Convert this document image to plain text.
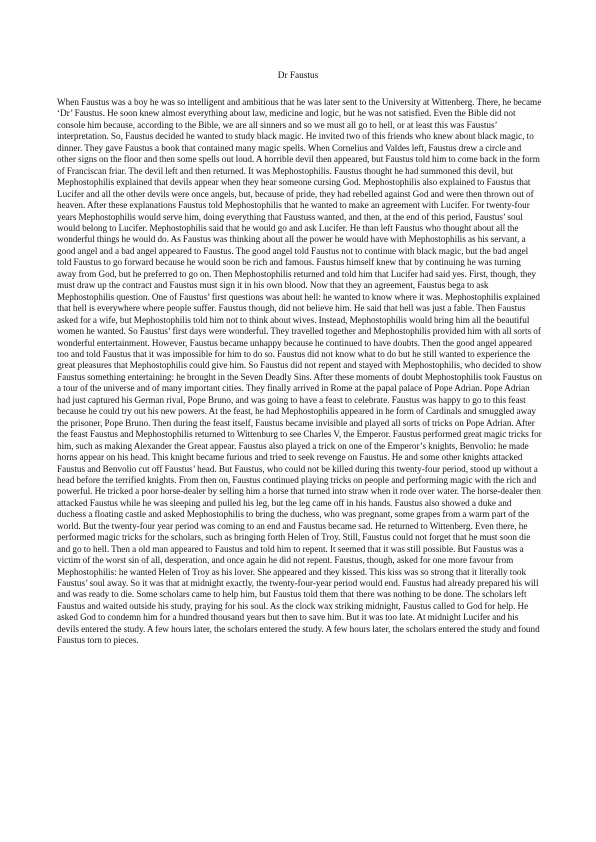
Dr Faustus

When Faustus was a boy he was so intelligent and ambitious that he was later sent to the University at Wittenberg. There, he became ‘Dr’ Faustus. He soon knew almost everything about law, medicine and logic, but he was not satisfied. Even the Bible did not console him because, according to the Bible, we are all sinners and so we must all go to hell, or at least this was Faustus’ interpretation. So, Faustus decided he wanted to study black magic. He invited two of this friends who knew about black magic, to dinner. They gave Faustus a book that contained many magic spells. When Cornelius and Valdes left, Faustus drew a circle and other signs on the floor and then some spells out loud. A horrible devil then appeared, but Faustus told him to come back in the form of Franciscan friar. The devil left and then returned. It was Mephostophilis. Faustus thought he had summoned this devil, but Mephostophilis explained that devils appear when they hear someone cursing God. Mephostophilis also explained to Faustus that Lucifer and all the other devils were once angels, but, because of pride, they had rebelled against God and were then thrown out of heaven. After these explanations Faustus told Mephostophilis that he wanted to make an agreement with Lucifer. For twenty-four years Mephostophilis would serve him, doing everything that Faustuss wanted, and then, at the end of this period, Faustus’ soul would belong to Lucifer. Mephostophilis said that he would go and ask Lucifer. He than left Faustus who thought about all the wonderful things he would do. As Faustus was thinking about all the power he would have with Mephostophilis as his servant, a good angel and a bad angel appeared to Faustus. The good angel told Faustus not to continue with black magic, but the bad angel told Faustus to go forward because he would soon be rich and famous. Faustus himself knew that by continuing he was turning away from God, but he preferred to go on. Then Mephostophilis returned and told him that Lucifer had said yes. First, though, they must draw up the contract and Faustus must sign it in his own blood. Now that they an agreement, Faustus bega to ask Mephostophilis question. One of Faustus’ first questions was about hell: he wanted to know where it was. Mephostophilis explained that hell is everywhere where people suffer. Faustus though, did not believe him. He said that hell was just a fable. Then Faustus asked for a wife, but Mephostophilis told him not to think about wives. Instead, Mephostophilis would bring him all the beautiful women he wanted. So Faustus’ first days were wonderful. They travelled together and Mephostophilis provided him with all sorts of wonderful entertainment. However, Faustus became unhappy because he continued to have doubts. Then the good angel appeared too and told Faustus that it was impossible for him to do so. Faustus did not know what to do but he still wanted to experience the great pleasures that Mephostophilis could give him. So Faustus did not repent and stayed with Mephostophilis, who decided to show Faustus something entertaining: he brought in the Seven Deadly Sins. After these moments of doubt Mephostophilis took Faustus on a tour of the universe and of many important cities. They finally arrived in Rome at the papal palace of Pope Adrian. Pope Adrian had just captured his German rival, Pope Bruno, and was going to have a feast to celebrate. Faustus was happy to go to this feast because he could try out his new powers. At the feast, he had Mephostophilis appeared in he form of Cardinals and smuggled away the prisoner, Pope Bruno. Then during the feast itself, Faustus became invisible and played all sorts of tricks on Pope Adrian. After the feast Faustus and Mephostophilis returned to Wittenburg to see Charles V, the Emperor. Faustus performed great magic tricks for him, such as making Alexander the Great appear. Faustus also played a trick on one of the Emperor’s knights, Benvolio: he made horns appear on his head. This knight became furious and tried to seek revenge on Faustus. He and some other knights attacked Faustus and Benvolio cut off Faustus’ head. But Faustus, who could not be killed during this twenty-four period, stood up without a head before the terrified knights. From then on, Faustus continued playing tricks on people and performing magic with the rich and powerful. He tricked a poor horse-dealer by selling him a horse that turned into straw when it rode over water. The horse-dealer then attacked Faustus while he was sleeping and pulled his leg, but the leg came off in his hands. Faustus also showed a duke and duchess a floating castle and asked Mephostophilis to bring the duchess, who was pregnant, some grapes from a warm part of the world. But the twenty-four year period was coming to an end and Faustus became sad. He returned to Wittenberg. Even there, he performed magic tricks for the scholars, such as bringing forth Helen of Troy. Still, Faustus could not forget that he must soon die and go to hell. Then a old man appeared to Faustus and told him to repent. It seemed that it was still possible. But Faustus was a victim of the worst sin of all, desperation, and once again he did not repent. Faustus, though, asked for one more favour from Mephostophilis: he wanted Helen of Troy as his lover. She appeared and they kissed. This kiss was so strong that it literally took Faustus’ soul away. So it was that at midnight exactly, the twenty-four-year period would end. Faustus had already prepared his will and was ready to die. Some scholars came to help him, but Faustus told them that there was nothing to be done. The scholars left Faustus and waited outside his study, praying for his soul. As the clock wax striking midnight, Faustus called to God for help. He asked God to condemn him for a hundred thousand years but then to save him. But it was too late. At midnight Lucifer and his devils entered the study. A few hours later, the scholars entered the study. A few hours later, the scholars entered the study and found Faustus torn to pieces.
